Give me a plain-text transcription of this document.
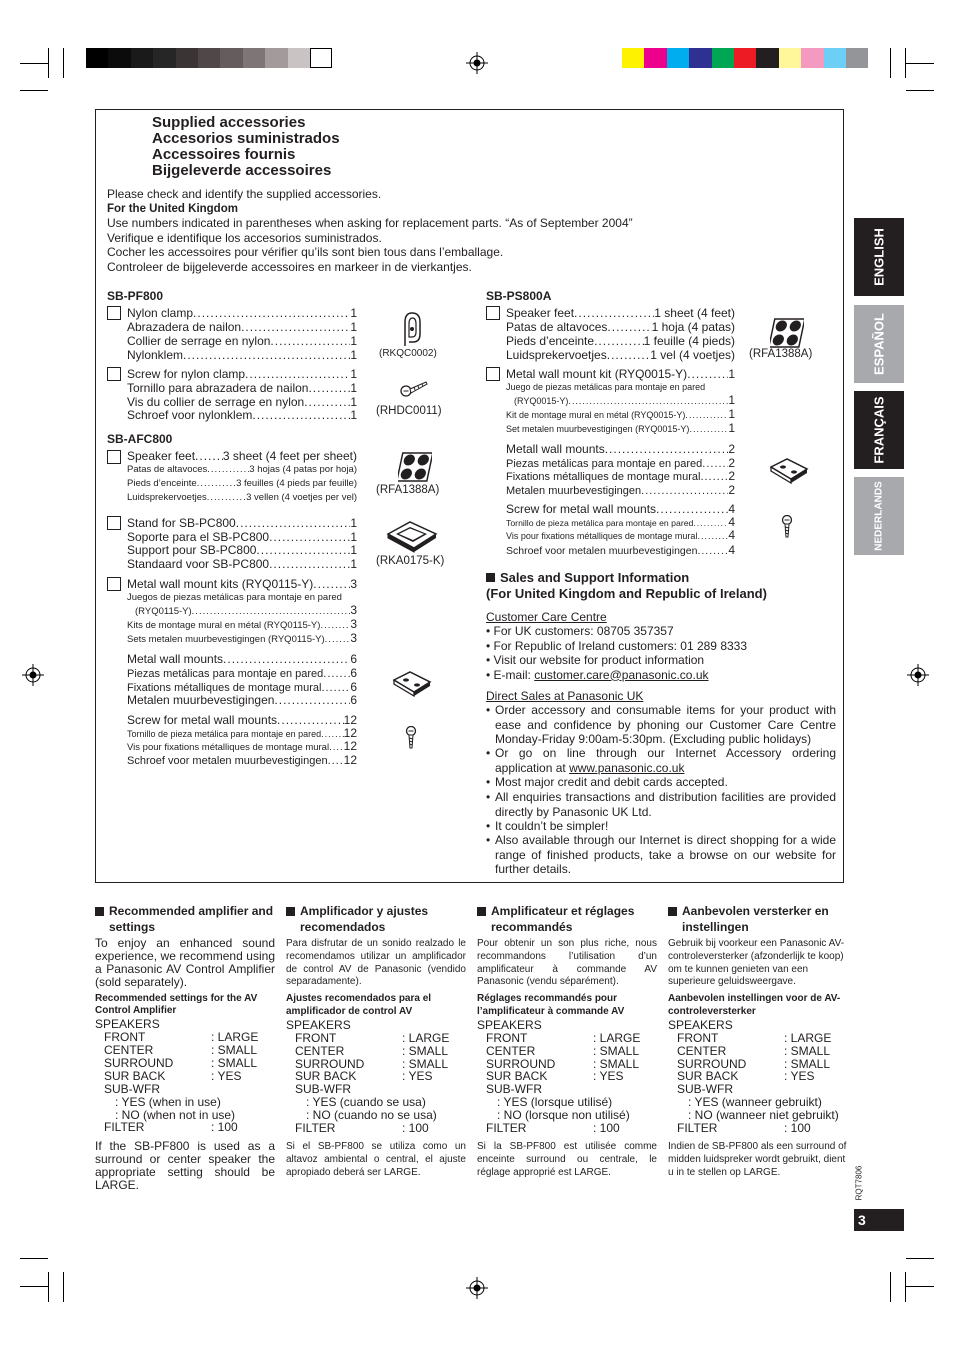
ENGLISH
ESPAÑOL
FRANÇAIS
NEDERLANDS
Supplied accessories
Accesorios suministrados
Accessoires fournis
Bijgeleverde accessoires
Please check and identify the supplied accessories.
For the United Kingdom
Use numbers indicated in parentheses when asking for replacement parts. “As of September 2004”
Verifique e identifique los accesorios suministrados.
Cocher les accessoires pour vérifier qu’ils sont bien tous dans l’emballage.
Controleer de bijgeleverde accessoires en markeer in de vierkantjes.
SB-PF800
Nylon clamp .....	1
Abrazadera de nailon .....	1
Collier de serrage en nylon .....	1
Nylonklem .....	1 (RKQC0002)
Screw for nylon clamp .....	1
Tornillo para abrazadera de nailon .....	1
Vis du collier de serrage en nylon .....	1
Schroef voor nylonklem .....	1 (RHDC0011)
SB-AFC800
Speaker feet ..... 3 sheet (4 feet per sheet)
Patas de altavoces .....	3 hojas (4 patas por hoja)
Pieds d’enceinte .....	3 feuilles (4 pieds par feuille)
Luidsprekervoetjes .....	3 vellen (4 voetjes per vel)
(RFA1388A)
Stand for SB-PC800 .....	1
Soporte para el SB-PC800 .....	1
Support pour SB-PC800 .....	1
Standaard voor SB-PC800 .....	1 (RKA0175-K)
Metal wall mount kits (RYQ0115-Y) .....	3
Juegos de piezas metálicas para montaje en pared
(RYQ0115-Y) .....	3
Kits de montage mural en métal (RYQ0115-Y) ..... 3
Sets metalen muurbevestigingen (RYQ0115-Y) ..... 3
Metal wall mounts .....	6
Piezas metálicas para montaje en pared ..... 6
Fixations métalliques de montage mural ..... 6
Metalen muurbevestigingen .....	6
Screw for metal wall mounts .....	12
Tornillo de pieza metálica para montaje en pared ..... 12
Vis pour fixations métalliques de montage mural ..... 12
Schroef voor metalen muurbevestigingen ..... 12
SB-PS800A
Speaker feet .....	1 sheet (4 feet)
Patas de altavoces .....	1 hoja (4 patas)
Pieds d’enceinte .....	1 feuille (4 pieds)
Luidsprekervoetjes .....	1 vel (4 voetjes) (RFA1388A)
Metal wall mount kit (RYQ0015-Y) .....	1
Juego de piezas metálicas para montaje en pared
(RYQ0015-Y) .....	1
Kit de montage mural en métal (RYQ0015-Y) .....	1
Set metalen muurbevestigingen (RYQ0015-Y) .....	1
Metall wall mounts .....	2
Piezas metálicas para montaje en pared ..... 2
Fixations métalliques de montage mural ..... 2
Metalen muurbevestigingen .....	2
Screw for metal wall mounts .....	4
Tornillo de pieza metálica para montaje en pared .....	4
Vis pour fixations métalliques de montage mural .....	4
Schroef voor metalen muurbevestigingen .....	4
Sales and Support Information
(For United Kingdom and Republic of Ireland)
Customer Care Centre
• For UK customers: 08705 357357
• For Republic of Ireland customers: 01 289 8333
• Visit our website for product information
• E-mail: customer.care@panasonic.co.uk
Direct Sales at Panasonic UK
• Order accessory and consumable items for your product with ease and confidence by phoning our Customer Care Centre Monday-Friday 9:00am-5:30pm. (Excluding public holidays)
• Or go on line through our Internet Accessory ordering application at www.panasonic.co.uk
• Most major credit and debit cards accepted.
• All enquiries transactions and distribution facilities are provided directly by Panasonic UK Ltd.
• It couldn’t be simpler!
• Also available through our Internet is direct shopping for a wide range of finished products, take a browse on our website for further details.
Recommended amplifier and settings
To enjoy an enhanced sound experience, we recommend using a Panasonic AV Control Amplifier (sold separately).
Recommended settings for the AV Control Amplifier
SPEAKERS
FRONT	: LARGE
CENTER	: SMALL
SURROUND	: SMALL
SUR BACK	: YES
SUB-WFR
: YES (when in use)
: NO (when not in use)
FILTER	: 100
If the SB-PF800 is used as a surround or center speaker the appropriate setting should be LARGE.
Amplificador y ajustes recomendados
Para disfrutar de un sonido realzado le recomendamos utilizar un amplificador de control AV de Panasonic (vendido separadamente).
Ajustes recomendados para el amplificador de control AV
SPEAKERS
FRONT	: LARGE
CENTER	: SMALL
SURROUND	: SMALL
SUR BACK	: YES
SUB-WFR
: YES (cuando se usa)
: NO (cuando no se usa)
FILTER	: 100
Si el SB-PF800 se utiliza como un altavoz ambiental o central, el ajuste apropiado deberá ser LARGE.
Amplificateur et réglages recommandés
Pour obtenir un son plus riche, nous recommandons l’utilisation d’un amplificateur à commande AV Panasonic (vendu séparément).
Réglages recommandés pour l’amplificateur à commande AV
SPEAKERS
FRONT	: LARGE
CENTER	: SMALL
SURROUND	: SMALL
SUR BACK	: YES
SUB-WFR
: YES (lorsque utilisé)
: NO (lorsque non utilisé)
FILTER	: 100
Si la SB-PF800 est utilisée comme enceinte surround ou centrale, le réglage approprié est LARGE.
Aanbevolen versterker en instellingen
Gebruik bij voorkeur een Panasonic AV-controleversterker (afzonderlijk te koop) om te kunnen genieten van een superieure geluidsweergave.
Aanbevolen instellingen voor de AV-controleversterker
SPEAKERS
FRONT	: LARGE
CENTER	: SMALL
SURROUND	: SMALL
SUR BACK	: YES
SUB-WFR
: YES (wanneer gebruikt)
: NO (wanneer niet gebruikt)
FILTER	: 100
Indien de SB-PF800 als een surround of midden luidspreker wordt gebruikt, dient u in te stellen op LARGE.	RQT7806
3
